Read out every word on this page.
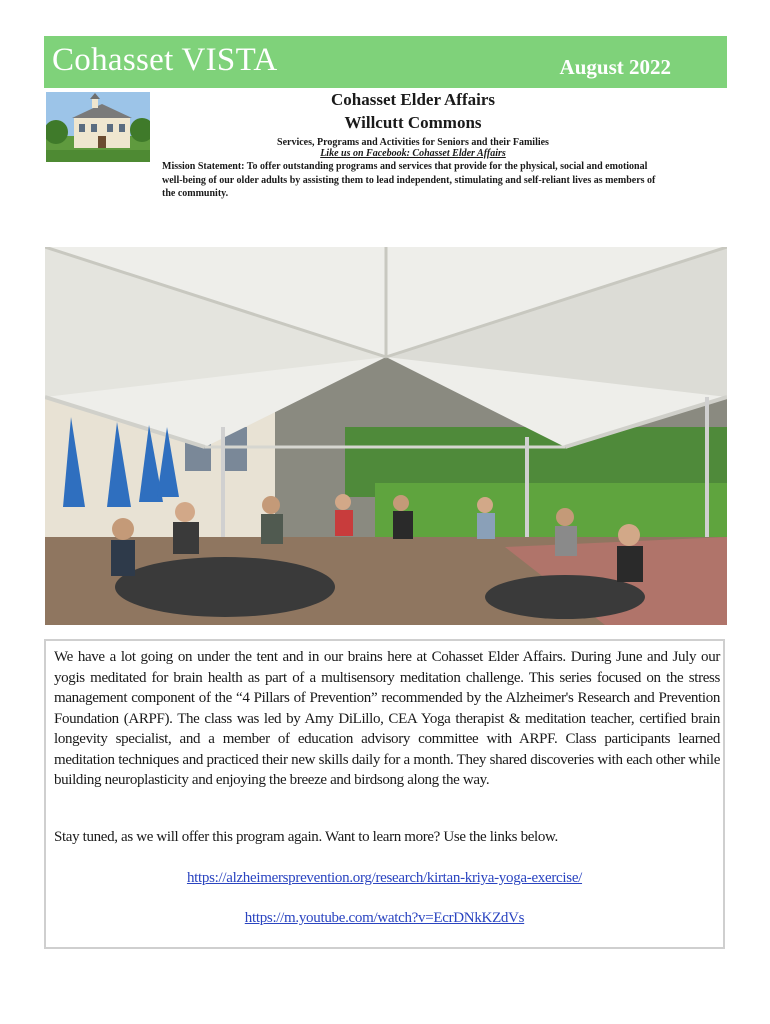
Cohasset VISTA	August 2022
Cohasset Elder Affairs
Willcutt Commons
Services, Programs and Activities for Seniors and their Families
Like us on Facebook: Cohasset Elder Affairs
Mission Statement: To offer outstanding programs and services that provide for the physical, social and emotional well-being of our older adults by assisting them to lead independent, stimulating and self-reliant lives as members of the community.

We have a lot going on under the tent and in our brains here at Cohasset Elder Affairs. During June and July our yogis meditated for brain health as part of a multisensory meditation challenge. This series focused on the stress management component of the “4 Pillars of Prevention” recommended by the Alzheimer's Research and Prevention Foundation (ARPF). The class was led by Amy DiLillo, CEA Yoga therapist & meditation teacher, certified brain longevity specialist, and a member of education advisory committee with ARPF. Class participants learned meditation techniques and practiced their new skills daily for a month. They shared discoveries with each other while building neuroplasticity and enjoying the breeze and birdsong along the way.

Stay tuned, as we will offer this program again. Want to learn more? Use the links below.

https://alzheimersprevention.org/research/kirtan-kriya-yoga-exercise/
https://m.youtube.com/watch?v=EcrDNkKZdVs
